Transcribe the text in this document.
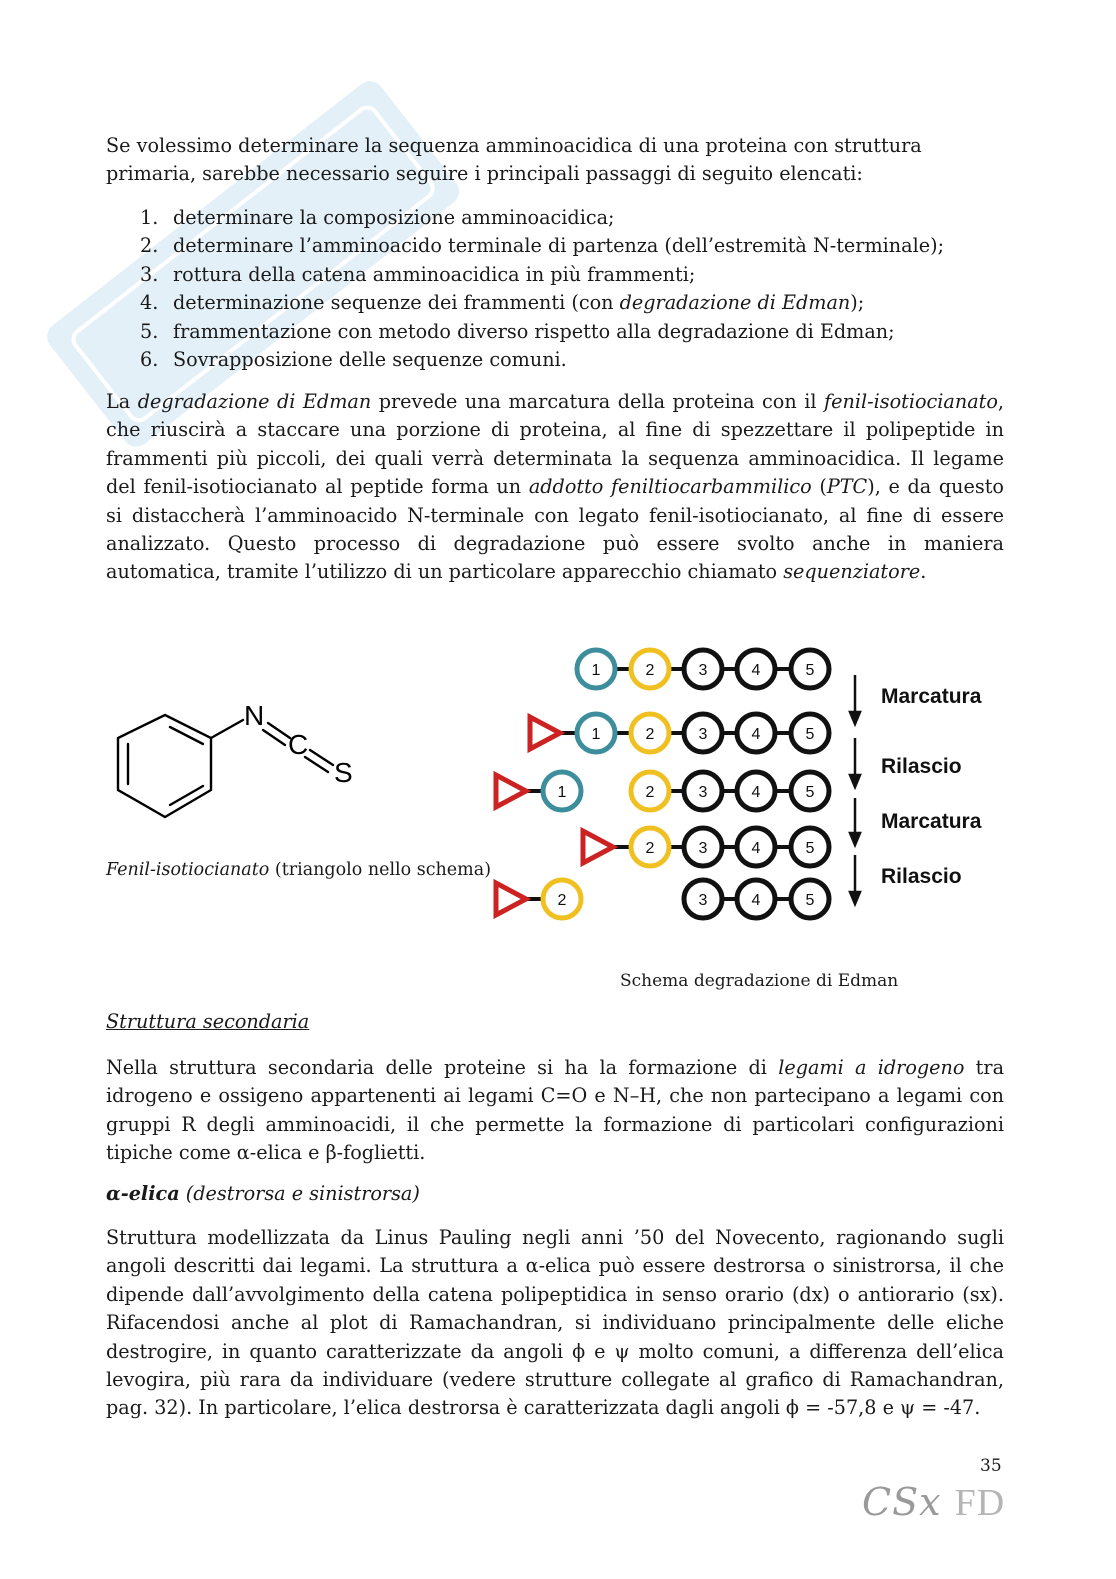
Se volessimo determinare la sequenza amminoacidica di una proteina con struttura primaria, sarebbe necessario seguire i principali passaggi di seguito elencati:

1. determinare la composizione amminoacidica;
2. determinare l’amminoacido terminale di partenza (dell’estremità N-terminale);
3. rottura della catena amminoacidica in più frammenti;
4. determinazione sequenze dei frammenti (con degradazione di Edman);
5. frammentazione con metodo diverso rispetto alla degradazione di Edman;
6. Sovrapposizione delle sequenze comuni.

La degradazione di Edman prevede una marcatura della proteina con il fenil-isotiocianato, che riuscirà a staccare una porzione di proteina, al fine di spezzettare il polipeptide in frammenti più piccoli, dei quali verrà determinata la sequenza amminoacidica. Il legame del fenil-isotiocianato al peptide forma un addotto feniltiocarbammilico (PTC), e da questo si distaccherà l’amminoacido N-terminale con legato fenil-isotiocianato, al fine di essere analizzato. Questo processo di degradazione può essere svolto anche in maniera automatica, tramite l’utilizzo di un particolare apparecchio chiamato sequenziatore.

N
C
S
Fenil-isotiocianato (triangolo nello schema)
1	2	3	4	5
1	2	3	4	5
1	2	3	4	5
2	3	4	5
2	3	4	5
Marcatura
Rilascio
Marcatura
Rilascio
Schema degradazione di Edman
Struttura secondaria

Nella struttura secondaria delle proteine si ha la formazione di legami a idrogeno tra idrogeno e ossigeno appartenenti ai legami C=O e N–H, che non partecipano a legami con gruppi R degli amminoacidi, il che permette la formazione di particolari configurazioni tipiche come α-elica e β-foglietti.

α-elica (destrorsa e sinistrorsa)

Struttura modellizzata da Linus Pauling negli anni ’50 del Novecento, ragionando sugli angoli descritti dai legami. La struttura a α-elica può essere destrorsa o sinistrorsa, il che dipende dall’avvolgimento della catena polipeptidica in senso orario (dx) o antiorario (sx). Rifacendosi anche al plot di Ramachandran, si individuano principalmente delle eliche destrogire, in quanto caratterizzate da angoli ϕ e ψ molto comuni, a differenza dell’elica levogira, più rara da individuare (vedere strutture collegate al grafico di Ramachandran, pag. 32). In particolare, l’elica destrorsa è caratterizzata dagli angoli ϕ = -57,8 e ψ = -47.

35
CSx FD
